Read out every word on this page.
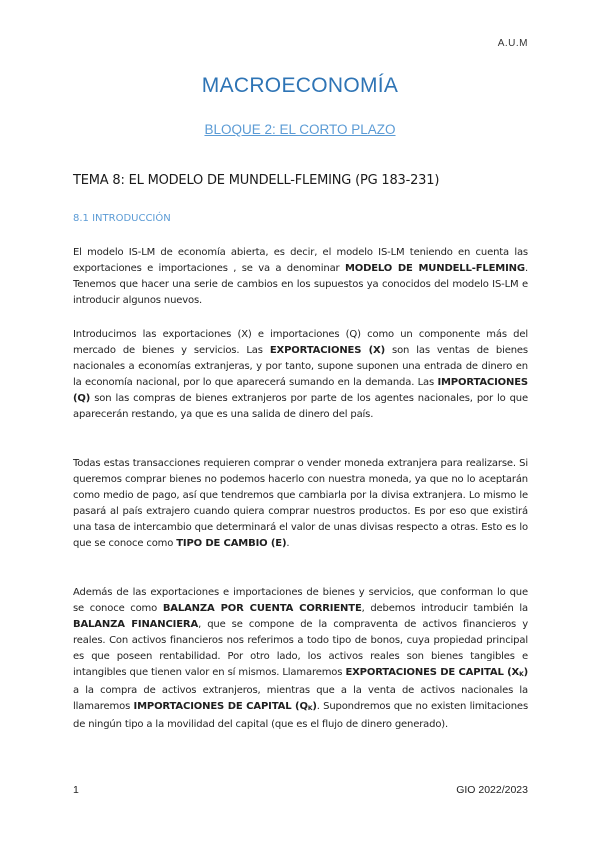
A.U.M
MACROECONOMÍA
BLOQUE 2: EL CORTO PLAZO
TEMA 8: EL MODELO DE MUNDELL-FLEMING (PG 183-231)
8.1 INTRODUCCIÓN
El modelo IS-LM de economía abierta, es decir, el modelo IS-LM teniendo en cuenta las exportaciones e importaciones , se va a denominar MODELO DE MUNDELL-FLEMING. Tenemos que hacer una serie de cambios en los supuestos ya conocidos del modelo IS-LM e introducir algunos nuevos.
Introducimos las exportaciones (X) e importaciones (Q) como un componente más del mercado de bienes y servicios. Las EXPORTACIONES (X) son las ventas de bienes nacionales a economías extranjeras, y por tanto, supone suponen una entrada de dinero en la economía nacional, por lo que aparecerá sumando en la demanda. Las IMPORTACIONES (Q) son las compras de bienes extranjeros por parte de los agentes nacionales, por lo que aparecerán restando, ya que es una salida de dinero del país.
Todas estas transacciones requieren comprar o vender moneda extranjera para realizarse. Si queremos comprar bienes no podemos hacerlo con nuestra moneda, ya que no lo aceptarán como medio de pago, así que tendremos que cambiarla por la divisa extranjera. Lo mismo le pasará al país extrajero cuando quiera comprar nuestros productos. Es por eso que existirá una tasa de intercambio que determinará el valor de unas divisas respecto a otras. Esto es lo que se conoce como TIPO DE CAMBIO (E).
Además de las exportaciones e importaciones de bienes y servicios, que conforman lo que se conoce como BALANZA POR CUENTA CORRIENTE, debemos introducir también la BALANZA FINANCIERA, que se compone de la compraventa de activos financieros y reales. Con activos financieros nos referimos a todo tipo de bonos, cuya propiedad principal es que poseen rentabilidad. Por otro lado, los activos reales son bienes tangibles e intangibles que tienen valor en sí mismos. Llamaremos EXPORTACIONES DE CAPITAL $(X_K)$ a la compra de activos extranjeros, mientras que a la venta de activos nacionales la llamaremos IMPORTACIONES DE CAPITAL $(Q_K)$. Supondremos que no existen limitaciones de ningún tipo a la movilidad del capital (que es el flujo de dinero generado).
1	GIO 2022/2023
